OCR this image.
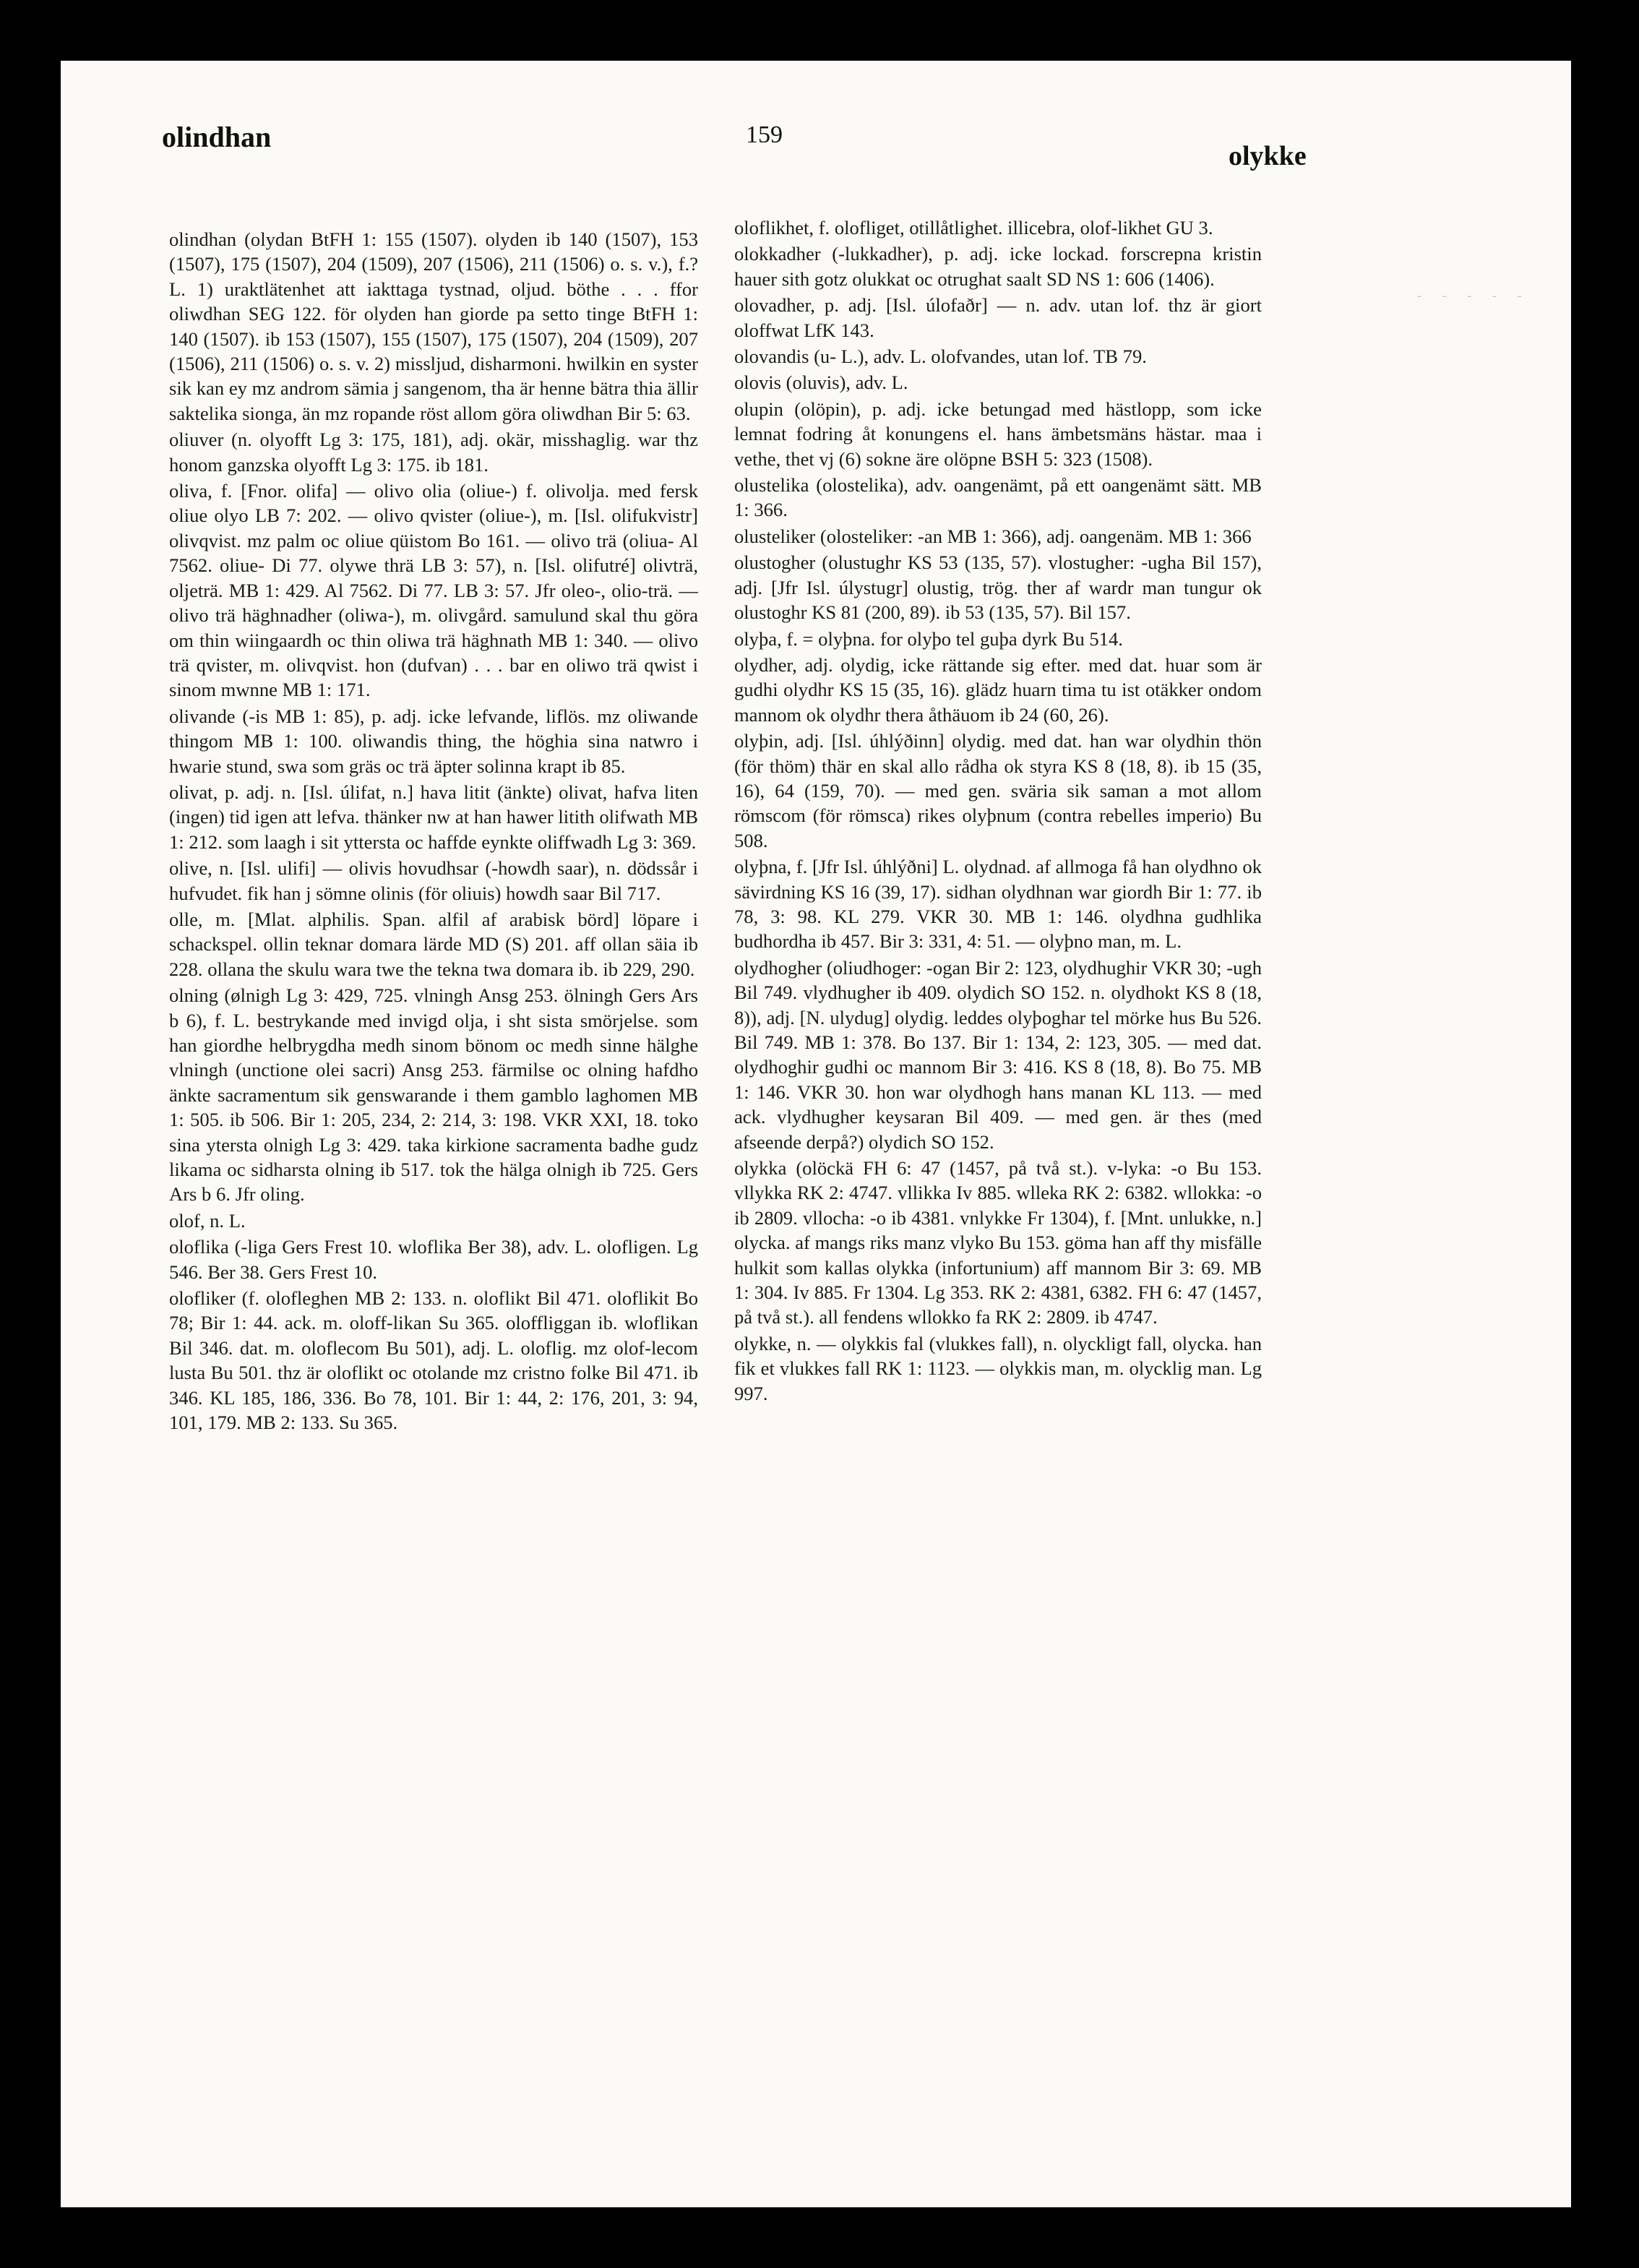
-----
olindhan	159
olykke

olindhan (olydan BtFH 1: 155 (1507). olyden ib 140 (1507), 153 (1507), 175 (1507), 204 (1509), 207 (1506), 211 (1506) o. s. v.), f.? L. 1) uraktlätenhet att iakttaga tystnad, oljud. böthe . . . ffor oliwdhan SEG 122. för olyden han giorde pa setto tinge BtFH 1: 140 (1507). ib 153 (1507), 155 (1507), 175 (1507), 204 (1509), 207 (1506), 211 (1506) o. s. v. 2) missljud, disharmoni. hwilkin en syster sik kan ey mz androm sämia j sangenom, tha är henne bätra thia ällir saktelika sionga, än mz ropande röst allom göra oliwdhan Bir 5: 63.

oliuver (n. olyofft Lg 3: 175, 181), adj. okär, misshaglig. war thz honom ganzska olyofft Lg 3: 175. ib 181.

oliva, f. [Fnor. olifa] — olivo olia (oliue-) f. olivolja. med fersk oliue olyo LB 7: 202. — olivo qvister (oliue-), m. [Isl. olifukvistr] olivqvist. mz palm oc oliue qüistom Bo 161. — olivo trä (oliua- Al 7562. oliue- Di 77. olywe thrä LB 3: 57), n. [Isl. olifutré] olivträ, oljeträ. MB 1: 429. Al 7562. Di 77. LB 3: 57. Jfr oleo-, olio-trä. — olivo trä häghnadher (oliwa-), m. olivgård. samulund skal thu göra om thin wiingaardh oc thin oliwa trä häghnath MB 1: 340. — olivo trä qvister, m. olivqvist. hon (dufvan) . . . bar en oliwo trä qwist i sinom mwnne MB 1: 171.

olivande (-is MB 1: 85), p. adj. icke lefvande, liflös. mz oliwande thingom MB 1: 100. oliwandis thing, the höghia sina natwro i hwarie stund, swa som gräs oc trä äpter solinna krapt ib 85.

olivat, p. adj. n. [Isl. úlifat, n.] hava litit (änkte) olivat, hafva liten (ingen) tid igen att lefva. thänker nw at han hawer litith olifwath MB 1: 212. som laagh i sit yttersta oc haffde eynkte oliffwadh Lg 3: 369.

olive, n. [Isl. ulifi] — olivis hovudhsar (-howdh saar), n. dödssår i hufvudet. fik han j sömne olinis (för oliuis) howdh saar Bil 717.

olle, m. [Mlat. alphilis. Span. alfil af arabisk börd] löpare i schackspel. ollin teknar domara lärde MD (S) 201. aff ollan säia ib 228. ollana the skulu wara twe the tekna twa domara ib. ib 229, 290.

olning (ølnigh Lg 3: 429, 725. vlningh Ansg 253. ölningh Gers Ars b 6), f. L. bestrykande med invigd olja, i sht sista smörjelse. som han giordhe helbrygdha medh sinom bönom oc medh sinne hälghe vlningh (unctione olei sacri) Ansg 253. färmilse oc olning hafdho änkte sacramentum sik genswarande i them gamblo laghomen MB 1: 505. ib 506. Bir 1: 205, 234, 2: 214, 3: 198. VKR XXI, 18. toko sina ytersta olnigh Lg 3: 429. taka kirkione sacramenta badhe gudz likama oc sidharsta olning ib 517. tok the hälga olnigh ib 725. Gers Ars b 6. Jfr oling.

olof, n. L.

oloflika (-liga Gers Frest 10. wloflika Ber 38), adv. L. olofligen. Lg 546. Ber 38. Gers Frest 10.

olofliker (f. olofleghen MB 2: 133. n. oloflikt Bil 471. oloflikit Bo 78; Bir 1: 44. ack. m. oloff-likan Su 365. oloffliggan ib. wloflikan Bil 346. dat. m. oloflecom Bu 501), adj. L. oloflig. mz olof-lecom lusta Bu 501. thz är oloflikt oc otolande mz cristno folke Bil 471. ib 346. KL 185, 186, 336. Bo 78, 101. Bir 1: 44, 2: 176, 201, 3: 94, 101, 179. MB 2: 133. Su 365.

oloflikhet, f. olofliget, otillåtlighet. illicebra, olof-likhet GU 3.

olokkadher (-lukkadher), p. adj. icke lockad. forscrepna kristin hauer sith gotz olukkat oc otrughat saalt SD NS 1: 606 (1406).

olovadher, p. adj. [Isl. úlofaðr] — n. adv. utan lof. thz är giort oloffwat LfK 143.

olovandis (u- L.), adv. L. olofvandes, utan lof. TB 79.

olovis (oluvis), adv. L.

olupin (olöpin), p. adj. icke betungad med hästlopp, som icke lemnat fodring åt konungens el. hans ämbetsmäns hästar. maa i vethe, thet vj (6) sokne äre olöpne BSH 5: 323 (1508).

olustelika (olostelika), adv. oangenämt, på ett oangenämt sätt. MB 1: 366.

olusteliker (olosteliker: -an MB 1: 366), adj. oangenäm. MB 1: 366

olustogher (olustughr KS 53 (135, 57). vlostugher: -ugha Bil 157), adj. [Jfr Isl. úlystugr] olustig, trög. ther af wardr man tungur ok olustoghr KS 81 (200, 89). ib 53 (135, 57). Bil 157.

olyþa, f. = olyþna. for olyþo tel guþa dyrk Bu 514.

olydher, adj. olydig, icke rättande sig efter. med dat. huar som är gudhi olydhr KS 15 (35, 16). glädz huarn tima tu ist otäkker ondom mannom ok olydhr thera åthäuom ib 24 (60, 26).

olyþin, adj. [Isl. úhlýðinn] olydig. med dat. han war olydhin thön (för thöm) thär en skal allo rådha ok styra KS 8 (18, 8). ib 15 (35, 16), 64 (159, 70). — med gen. sväria sik saman a mot allom römscom (för römsca) rikes olyþnum (contra rebelles imperio) Bu 508.

olyþna, f. [Jfr Isl. úhlýðni] L. olydnad. af allmoga få han olydhno ok sävirdning KS 16 (39, 17). sidhan olydhnan war giordh Bir 1: 77. ib 78, 3: 98. KL 279. VKR 30. MB 1: 146. olydhna gudhlika budhordha ib 457. Bir 3: 331, 4: 51. — olyþno man, m. L.

olydhogher (oliudhoger: -ogan Bir 2: 123, olydhughir VKR 30; -ugh Bil 749. vlydhugher ib 409. olydich SO 152. n. olydhokt KS 8 (18, 8)), adj. [N. ulydug] olydig. leddes olyþoghar tel mörke hus Bu 526. Bil 749. MB 1: 378. Bo 137. Bir 1: 134, 2: 123, 305. — med dat. olydhoghir gudhi oc mannom Bir 3: 416. KS 8 (18, 8). Bo 75. MB 1: 146. VKR 30. hon war olydhogh hans manan KL 113. — med ack. vlydhugher keysaran Bil 409. — med gen. är thes (med afseende derpå?) olydich SO 152.

olykka (olöckä FH 6: 47 (1457, på två st.). v-lyka: -o Bu 153. vllykka RK 2: 4747. vllikka Iv 885. wlleka RK 2: 6382. wllokka: -o ib 2809. vllocha: -o ib 4381. vnlykke Fr 1304), f. [Mnt. unlukke, n.] olycka. af mangs riks manz vlyko Bu 153. göma han aff thy misfälle hulkit som kallas olykka (infortunium) aff mannom Bir 3: 69. MB 1: 304. Iv 885. Fr 1304. Lg 353. RK 2: 4381, 6382. FH 6: 47 (1457, på två st.). all fendens wllokko fa RK 2: 2809. ib 4747.

olykke, n. — olykkis fal (vlukkes fall), n. olyckligt fall, olycka. han fik et vlukkes fall RK 1: 1123. — olykkis man, m. olycklig man. Lg 997.
